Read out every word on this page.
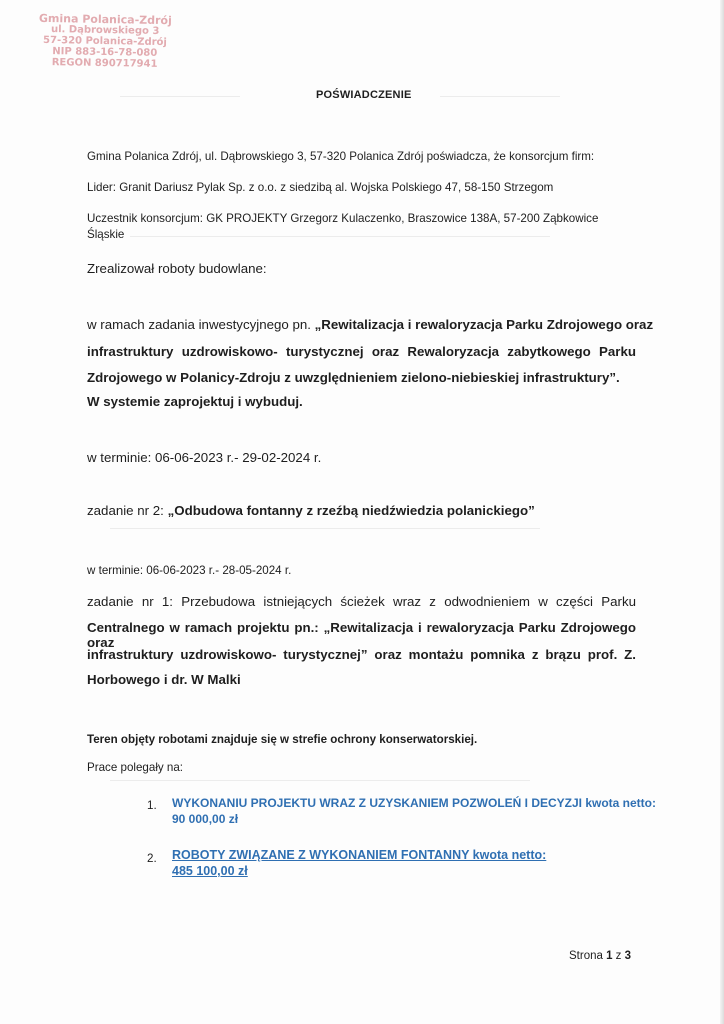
Gmina Polanica-Zdrój
ul. Dąbrowskiego 3
57-320 Polanica-Zdrój
NIP 883-16-78-080
REGON 890717941
POŚWIADCZENIE
Gmina Polanica Zdrój, ul. Dąbrowskiego 3, 57-320 Polanica Zdrój poświadcza, że konsorcjum firm:
Lider: Granit Dariusz Pylak Sp. z o.o. z siedzibą al. Wojska Polskiego 47, 58-150 Strzegom
Uczestnik konsorcjum: GK PROJEKTY Grzegorz Kulaczenko, Braszowice 138A, 57-200 Ząbkowice
Śląskie
Zrealizował roboty budowlane:
w ramach zadania inwestycyjnego pn. „Rewitalizacja i rewaloryzacja Parku Zdrojowego oraz
infrastruktury uzdrowiskowo- turystycznej oraz Rewaloryzacja zabytkowego Parku
Zdrojowego w Polanicy-Zdroju z uwzględnieniem zielono-niebieskiej infrastruktury”.
W systemie zaprojektuj i wybuduj.
w terminie: 06-06-2023 r.- 29-02-2024 r.
zadanie nr 2: „Odbudowa fontanny z rzeźbą niedźwiedzia polanickiego”
w terminie: 06-06-2023 r.- 28-05-2024 r.
zadanie nr 1: Przebudowa istniejących ścieżek wraz z odwodnieniem w części Parku
Centralnego w ramach projektu pn.: „Rewitalizacja i rewaloryzacja Parku Zdrojowego oraz
infrastruktury uzdrowiskowo- turystycznej” oraz montażu pomnika z brązu prof. Z.
Horbowego i dr. W Malki
Teren objęty robotami znajduje się w strefie ochrony konserwatorskiej.
Prace polegały na:
1. WYKONANIU PROJEKTU WRAZ Z UZYSKANIEM POZWOLEŃ I DECYZJI kwota netto:
90 000,00 zł
2. ROBOTY ZWIĄZANE Z WYKONANIEM FONTANNY kwota netto:
485 100,00 zł
Strona 1 z 3
